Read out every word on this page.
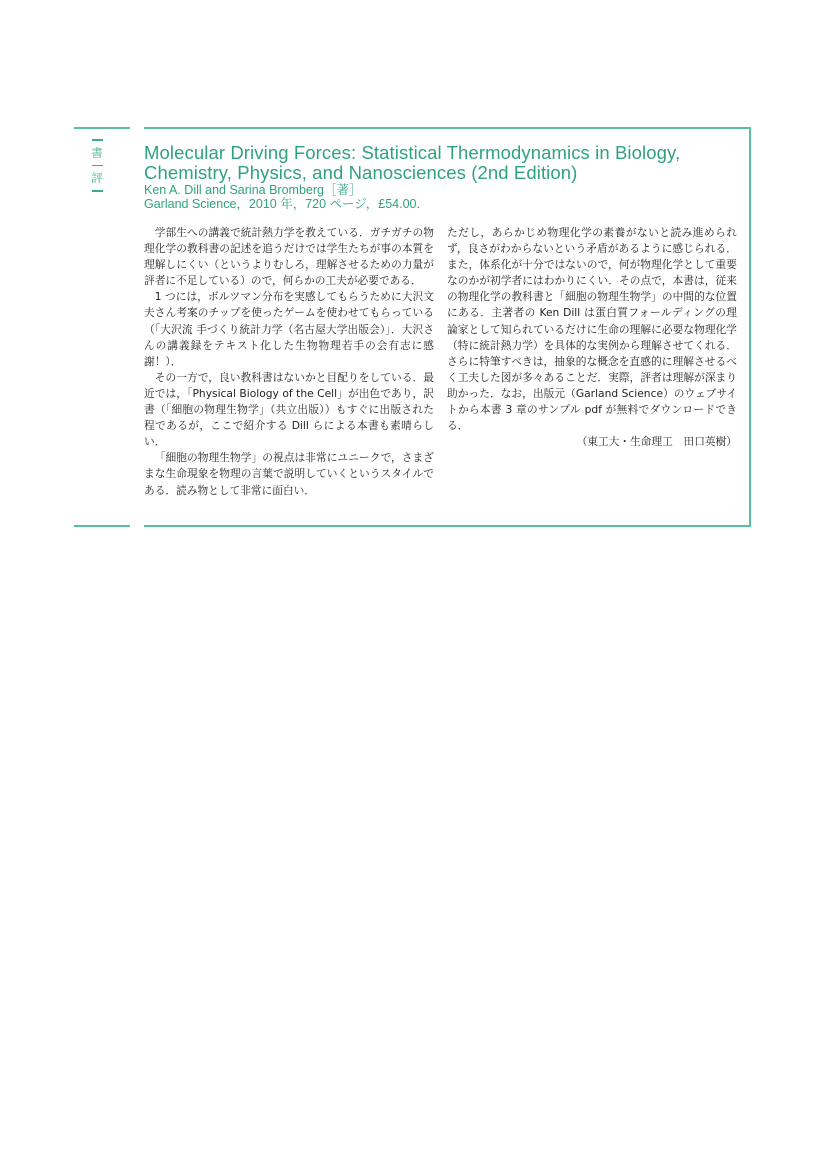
書
評
Molecular Driving Forces: Statistical Thermodynamics in Biology, Chemistry, Physics, and Nanosciences (2nd Edition)
Ken A. Dill and Sarina Bromberg［著］
Garland Science，2010 年，720 ページ，£54.00．

学部生への講義で統計熱力学を教えている．ガチガチの物理化学の教科書の記述を追うだけでは学生たちが事の本質を理解しにくい（というよりむしろ，理解させるための力量が評者に不足している）ので，何らかの工夫が必要である．

1 つには，ボルツマン分布を実感してもらうために大沢文夫さん考案のチップを使ったゲームを使わせてもらっている（「大沢流 手づくり統計力学（名古屋大学出版会）」．大沢さんの講義録をテキスト化した生物物理若手の会有志に感謝！）．

その一方で，良い教科書はないかと目配りをしている．最近では，「Physical Biology of the Cell」が出色であり，訳書（「細胞の物理生物学」（共立出版））もすぐに出版された程であるが，ここで紹介する Dill らによる本書も素晴らしい．

「細胞の物理生物学」の視点は非常にユニークで，さまざまな生命現象を物理の言葉で説明していくというスタイルである．読み物として非常に面白い．

ただし，あらかじめ物理化学の素養がないと読み進められず，良さがわからないという矛盾があるように感じられる．また，体系化が十分ではないので，何が物理化学として重要なのかが初学者にはわかりにくい．その点で，本書は，従来の物理化学の教科書と「細胞の物理生物学」の中間的な位置にある．主著者の Ken Dill は蛋白質フォールディングの理論家として知られているだけに生命の理解に必要な物理化学（特に統計熱力学）を具体的な実例から理解させてくれる．さらに特筆すべきは，抽象的な概念を直感的に理解させるべく工夫した図が多々あることだ．実際，評者は理解が深まり助かった．なお，出版元（Garland Science）のウェブサイトから本書 3 章のサンプル pdf が無料でダウンロードできる．

（東工大・生命理工　田口英樹）
